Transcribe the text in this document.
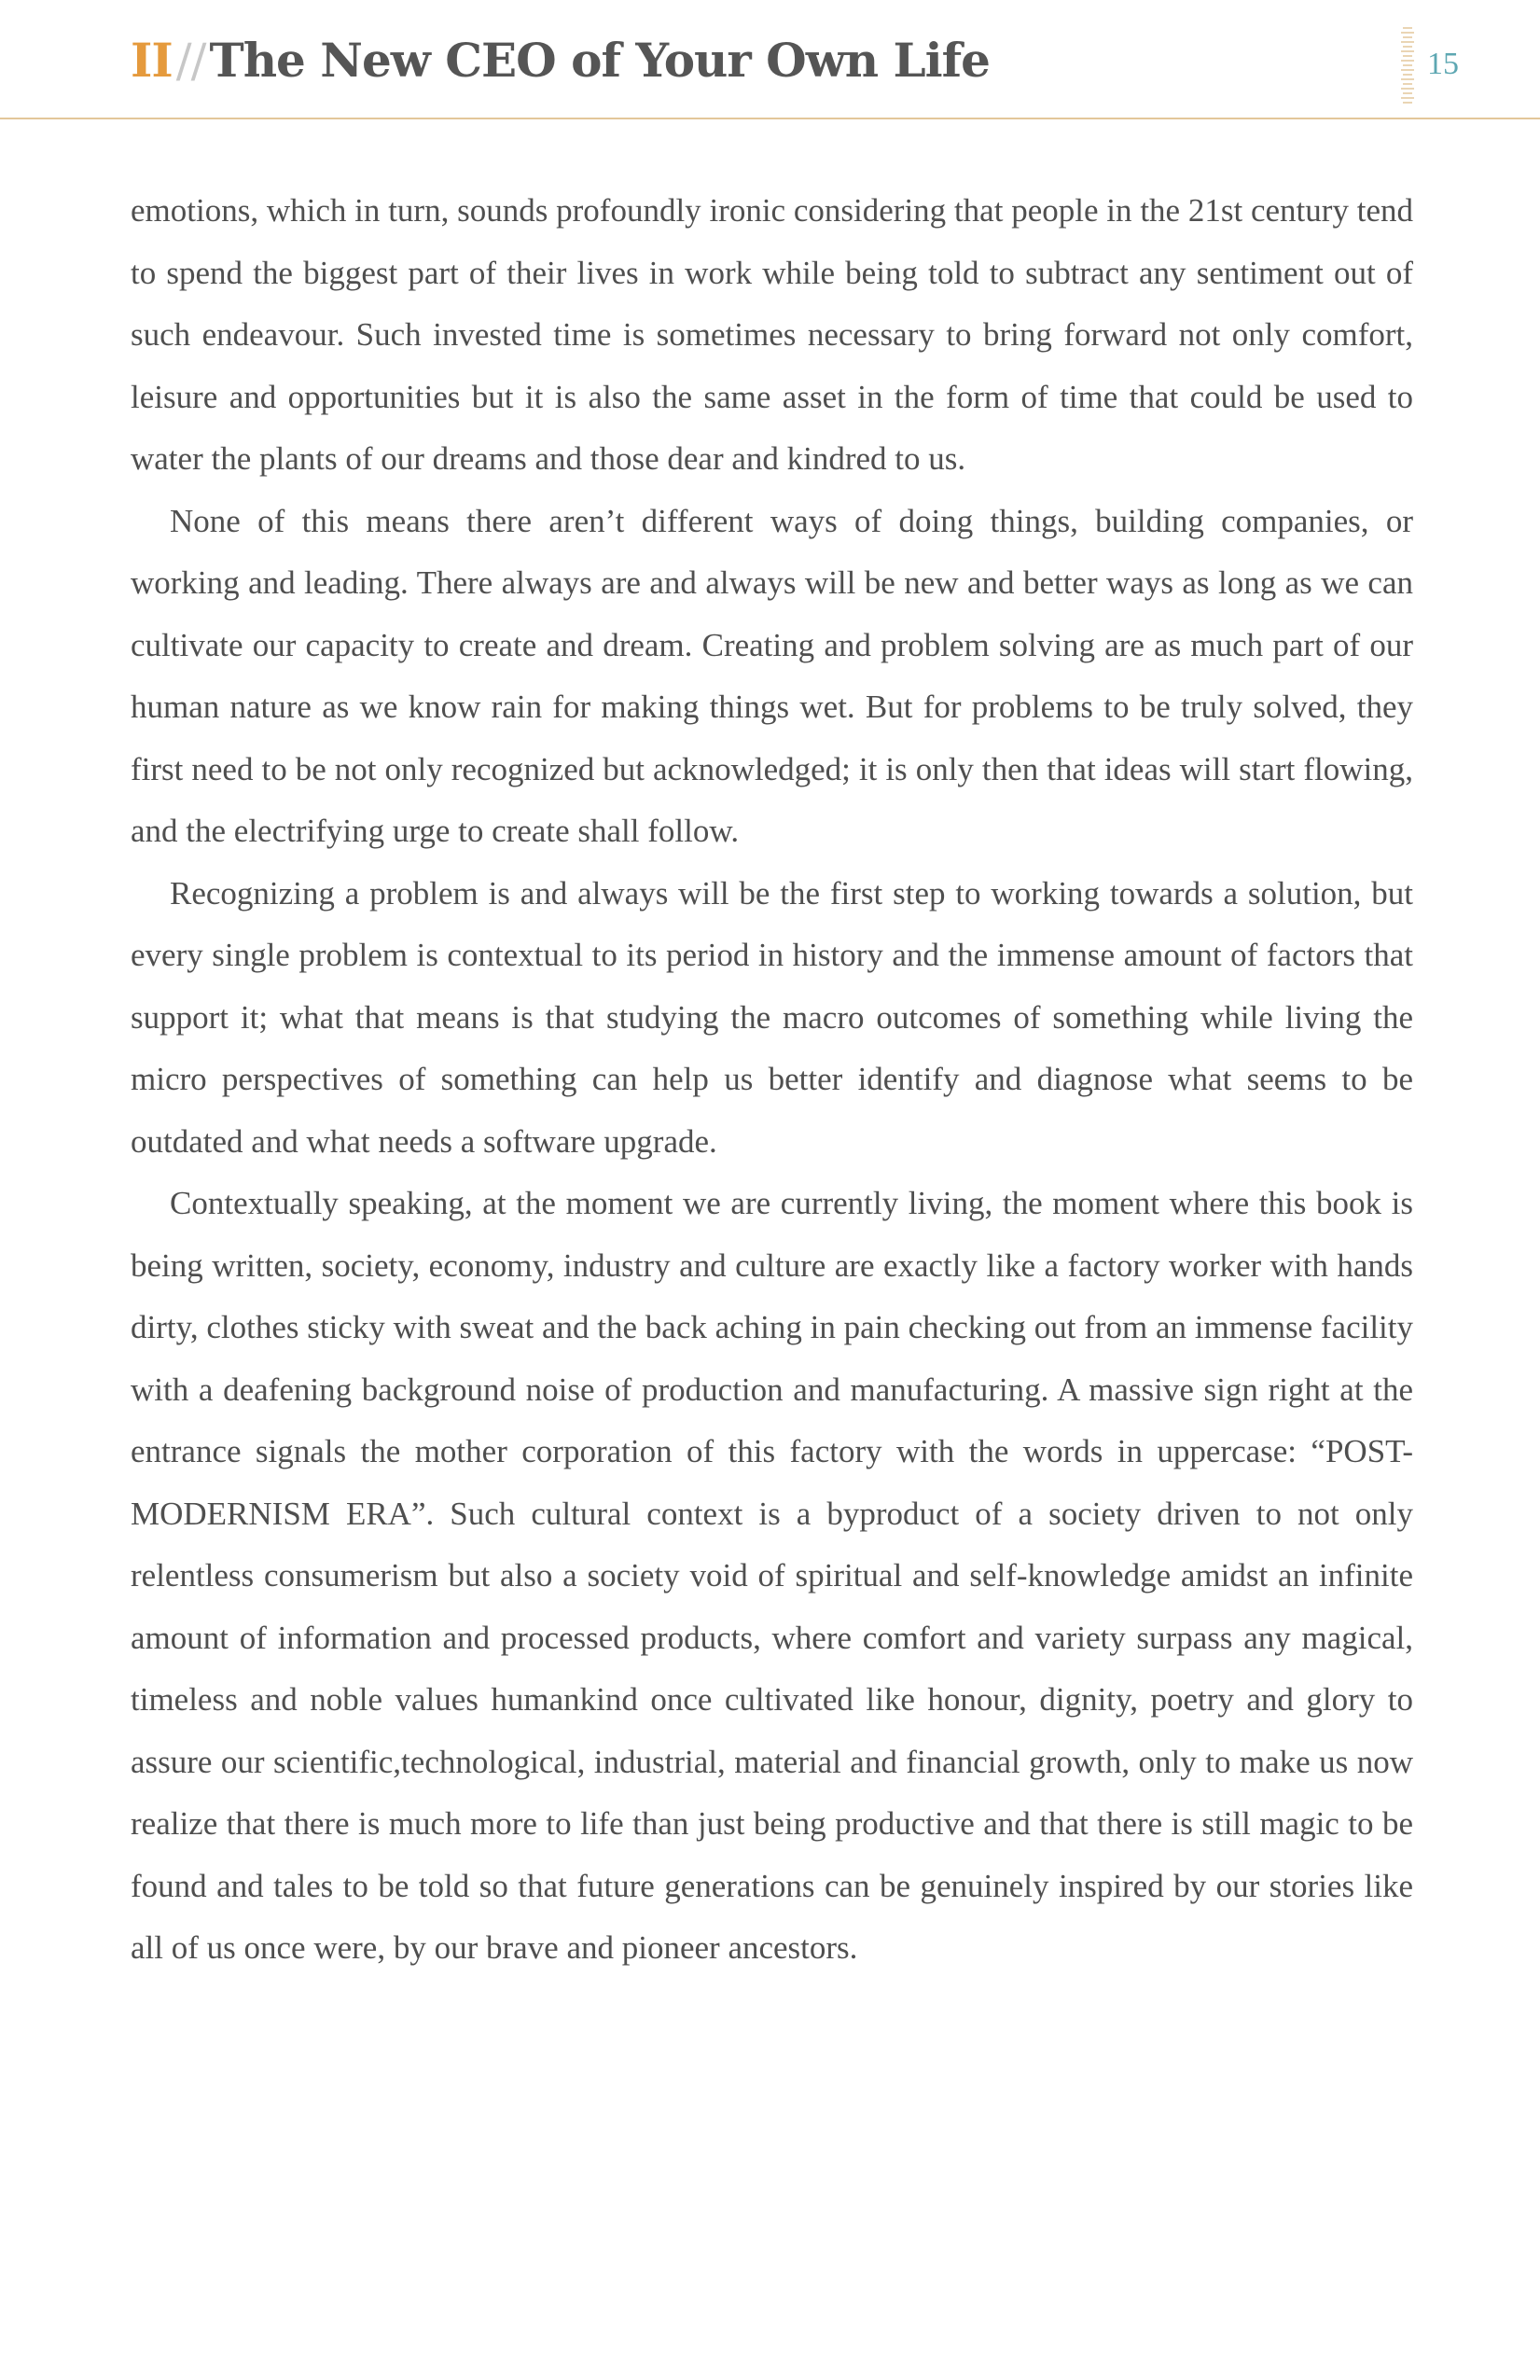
II//The New CEO of Your Own Life	15

emotions, which in turn, sounds profoundly ironic considering that people in the 21st century tend to spend the biggest part of their lives in work while being told to subtract any sentiment out of such endeavour. Such invested time is sometimes necessary to bring forward not only comfort, leisure and opportunities but it is also the same asset in the form of time that could be used to water the plants of our dreams and those dear and kindred to us.

None of this means there aren’t different ways of doing things, building companies, or working and leading. There always are and always will be new and better ways as long as we can cultivate our capacity to create and dream. Creating and problem solving are as much part of our human nature as we know rain for making things wet. But for problems to be truly solved, they first need to be not only recognized but acknowledged; it is only then that ideas will start flowing, and the electrifying urge to create shall follow.

Recognizing a problem is and always will be the first step to working towards a solution, but every single problem is contextual to its period in history and the immense amount of factors that support it; what that means is that studying the macro outcomes of something while living the micro perspectives of something can help us better identify and diagnose what seems to be outdated and what needs a software upgrade.

Contextually speaking, at the moment we are currently living, the moment where this book is being written, society, economy, industry and culture are exactly like a factory worker with hands dirty, clothes sticky with sweat and the back aching in pain checking out from an immense facility with a deafening background noise of production and manufacturing. A massive sign right at the entrance signals the mother corporation of this factory with the words in uppercase: “POST-MODERNISM ERA”. Such cultural context is a byproduct of a society driven to not only relentless consumerism but also a society void of spiritual and self-knowledge amidst an infinite amount of information and processed products, where comfort and variety surpass any magical, timeless and noble values humankind once cultivated like honour, dignity, poetry and glory to assure our scientific,technological, industrial, material and financial growth, only to make us now realize that there is much more to life than just being productive and that there is still magic to be found and tales to be told so that future generations can be genuinely inspired by our stories like all of us once were, by our brave and pioneer ancestors.
